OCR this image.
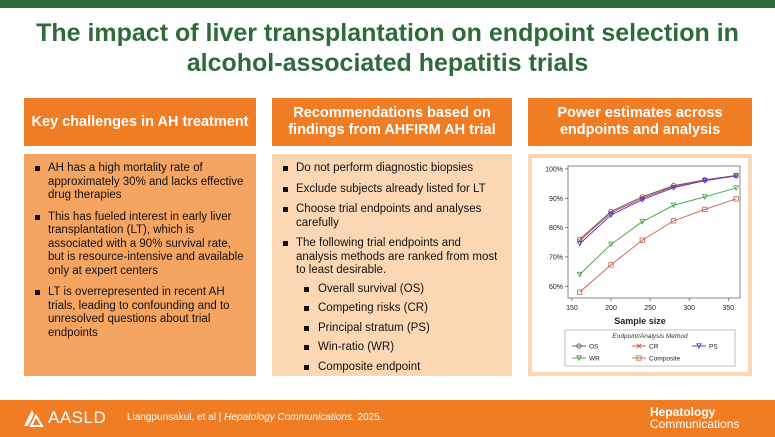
The impact of liver transplantation on endpoint selection in
alcohol-associated hepatitis trials
Key challenges in AH treatment
AH has a high mortality rate of approximately 30% and lacks effective drug therapies
This has fueled interest in early liver transplantation (LT), which is associated with a 90% survival rate, but is resource-intensive and available only at expert centers
LT is overrepresented in recent AH trials, leading to confounding and to unresolved questions about trial endpoints
Recommendations based on
findings from AHFIRM AH trial
Do not perform diagnostic biopsies
Exclude subjects already listed for LT
Choose trial endpoints and analyses carefully
The following trial endpoints and analysis methods are ranked from most to least desirable.
Overall survival (OS)
Competing risks (CR)
Principal stratum (PS)
Win-ratio (WR)
Composite endpoint
Power estimates across
endpoints and analysis
60%
70%
80%
90%
100%
150	200	250	300	350
Sample size
Endpoint/Analysis Method
OS	CR	PS
WR	Composite
AASLD Liangpunsakul, et al | Hepatology Communications. 2025.	Hepatology
Communications
